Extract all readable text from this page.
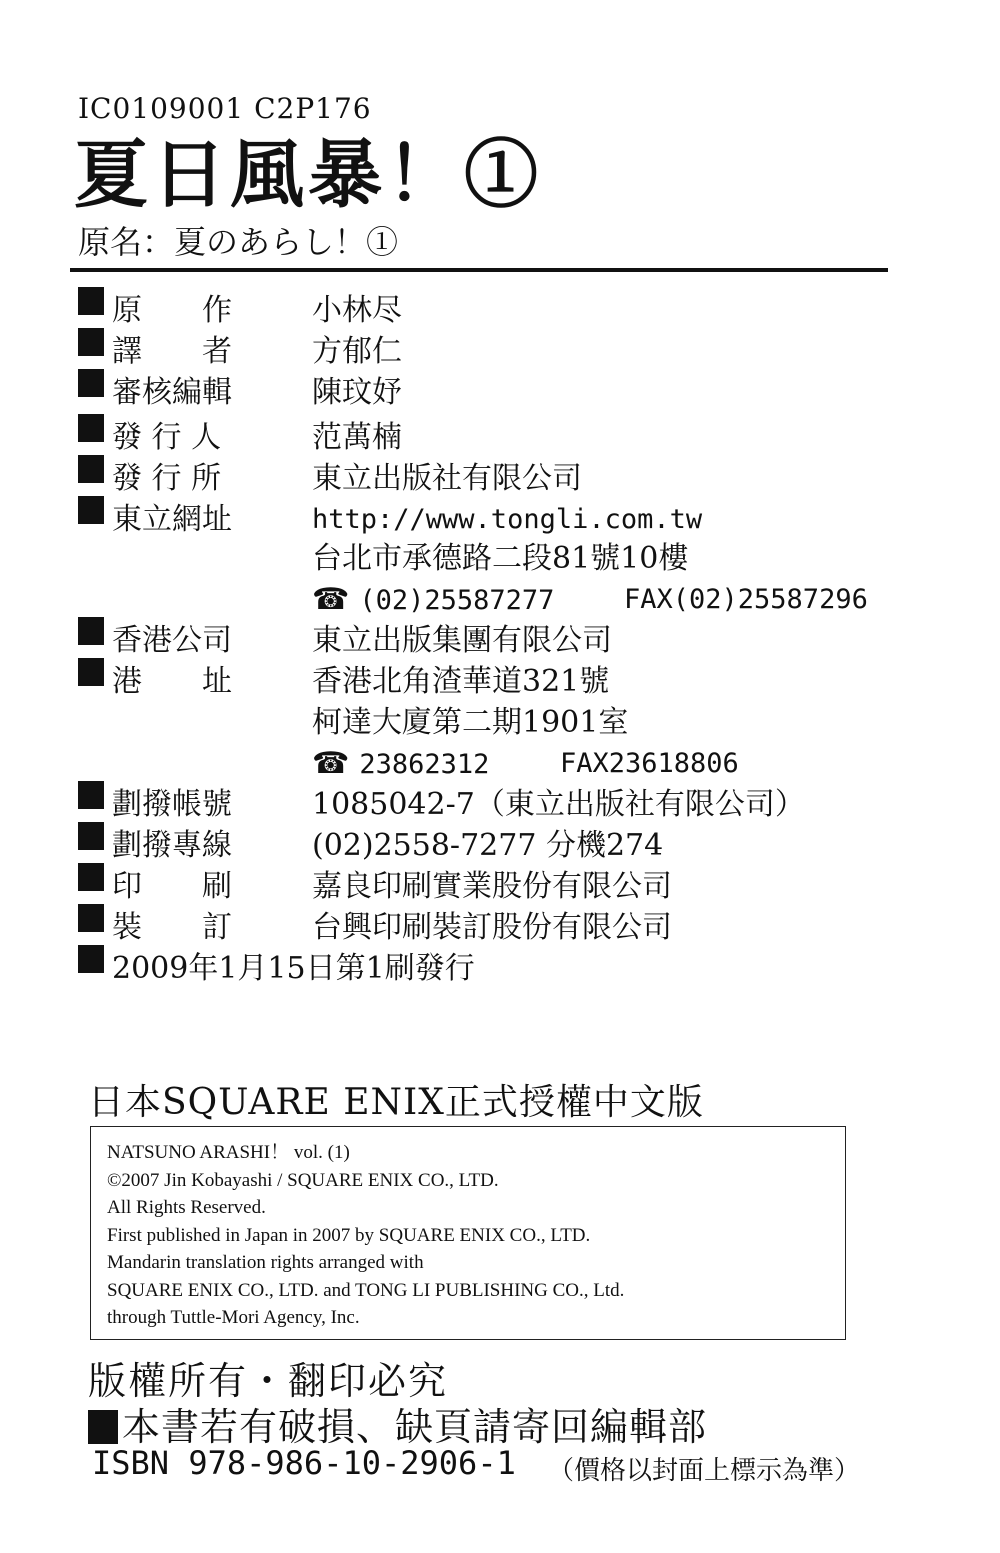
IC0109001 C2P176
夏日風暴！①
原名：夏のあらし！①
原　　作	小林尽
譯　　者	方郁仁
審核編輯	陳玟妤
發 行 人	范萬楠
發 行 所	東立出版社有限公司
東立網址	http://www.tongli.com.tw
台北市承德路二段81號10樓
☎ (02)25587277	FAX(02)25587296
香港公司	東立出版集團有限公司
港　　址	香港北角渣華道321號
柯達大廈第二期1901室
☎ 23862312	FAX23618806
劃撥帳號	1085042-7（東立出版社有限公司）
劃撥專線	(02)2558-7277 分機274
印　　刷	嘉良印刷實業股份有限公司
裝　　訂	台興印刷裝訂股份有限公司
2009年1月15日第1刷發行
日本SQUARE ENIX正式授權中文版
NATSUNO ARASHI！ vol. (1)
©2007 Jin Kobayashi / SQUARE ENIX CO., LTD.
All Rights Reserved.
First published in Japan in 2007 by SQUARE ENIX CO., LTD.
Mandarin translation rights arranged with
SQUARE ENIX CO., LTD. and TONG LI PUBLISHING CO., Ltd.
through Tuttle-Mori Agency, Inc.
版權所有・翻印必究
本書若有破損、缺頁請寄回編輯部
ISBN 978-986-10-2906-1 （價格以封面上標示為準）
